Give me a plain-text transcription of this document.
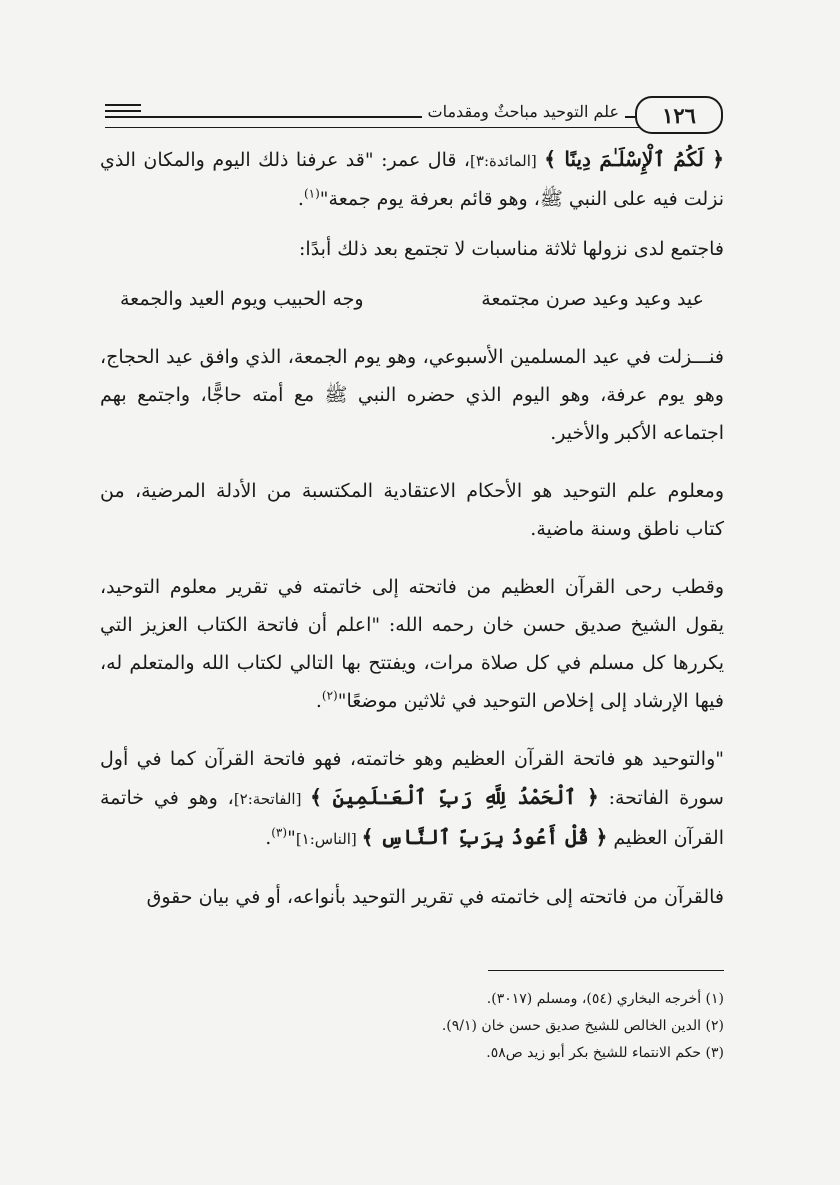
علم التوحيد مباحثٌ ومقدمات	١٢٦

﴿ لَكُمُ ٱلْإِسْلَـٰمَ دِينًا ﴾ [المائدة:٣]، قال عمر: "قد عرفنا ذلك اليوم والمكان الذي نزلت فيه على النبي ﷺ، وهو قائم بعرفة يوم جمعة"$^{(١)}$.

فاجتمع لدى نزولها ثلاثة مناسبات لا تجتمع بعد ذلك أبدًا:

عيد وعيد وعيد صرن مجتمعة
وجه الحبيب ويوم العيد والجمعة

فنـــزلت في عيد المسلمين الأسبوعي، وهو يوم الجمعة، الذي وافق عيد الحجاج، وهو يوم عرفة، وهو اليوم الذي حضره النبي ﷺ مع أمته حاجًّا، واجتمع بهم اجتماعه الأكبر والأخير.

ومعلوم علم التوحيد هو الأحكام الاعتقادية المكتسبة من الأدلة المرضية، من كتاب ناطق وسنة ماضية.

وقطب رحى القرآن العظيم من فاتحته إلى خاتمته في تقرير معلوم التوحيد، يقول الشيخ صديق حسن خان رحمه الله: "اعلم أن فاتحة الكتاب العزيز التي يكررها كل مسلم في كل صلاة مرات، ويفتتح بها التالي لكتاب الله والمتعلم له، فيها الإرشاد إلى إخلاص التوحيد في ثلاثين موضعًا"$^{(٢)}$.

"والتوحيد هو فاتحة القرآن العظيم وهو خاتمته، فهو فاتحة القرآن كما في أول سورة الفاتحة: ﴿ ٱلْحَمْدُ لِلَّهِ رَبِّ ٱلْعَـٰلَمِينَ ﴾ [الفاتحة:٢]، وهو في خاتمة القرآن العظيم ﴿ قُلْ أَعُوذُ بِرَبِّ ٱلنَّاسِ ﴾ [الناس:١]"$^{(٣)}$.

فالقرآن من فاتحته إلى خاتمته في تقرير التوحيد بأنواعه، أو في بيان حقوق

(١) أخرجه البخاري (٥٤)، ومسلم (٣٠١٧).
(٢) الدين الخالص للشيخ صديق حسن خان (٩/١).
(٣) حكم الانتماء للشيخ بكر أبو زيد ص٥٨.
